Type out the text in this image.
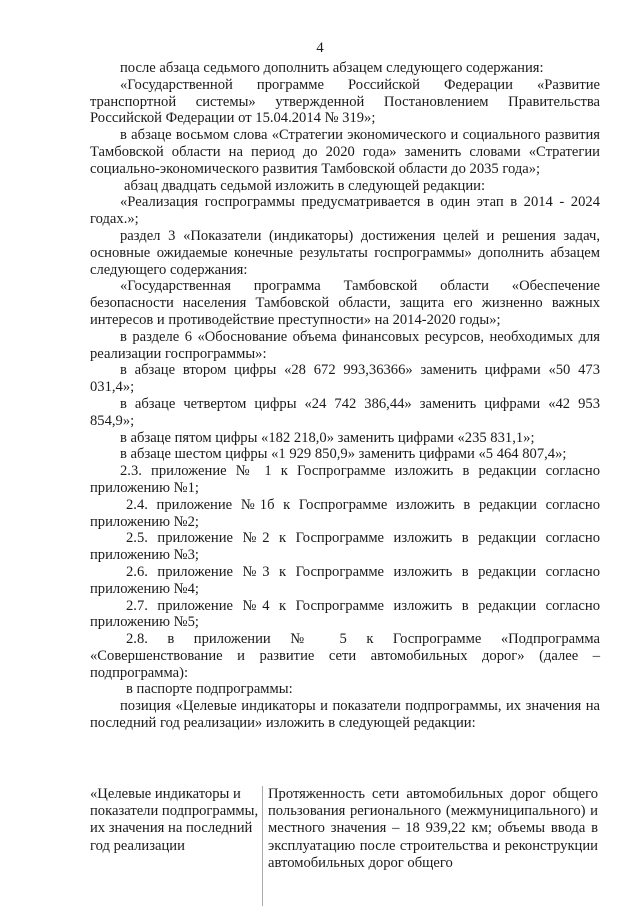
4

после абзаца седьмого дополнить абзацем следующего содержания:

«Государственной программе Российской Федерации «Развитие транспортной системы» утвержденной Постановлением Правительства Российской Федерации от 15.04.2014 № 319»;

в абзаце восьмом слова «Стратегии экономического и социального развития Тамбовской области на период до 2020 года» заменить словами «Стратегии социально-экономического развития Тамбовской области до 2035 года»;

абзац двадцать седьмой изложить в следующей редакции:

«Реализация госпрограммы предусматривается в один этап в 2014 - 2024 годах.»;

раздел 3 «Показатели (индикаторы) достижения целей и решения задач, основные ожидаемые конечные результаты госпрограммы» дополнить абзацем следующего содержания:

«Государственная программа Тамбовской области «Обеспечение безопасности населения Тамбовской области, защита его жизненно важных интересов и противодействие преступности» на 2014-2020 годы»;

в разделе 6 «Обоснование объема финансовых ресурсов, необходимых для реализации госпрограммы»:

в абзаце втором цифры «28 672 993,36366» заменить цифрами «50 473 031,4»;

в абзаце четвертом цифры «24 742 386,44» заменить цифрами «42 953 854,9»;

в абзаце пятом цифры «182 218,0» заменить цифрами «235 831,1»;

в абзаце шестом цифры «1 929 850,9» заменить цифрами «5 464 807,4»;

2.3. приложение № 1 к Госпрограмме изложить в редакции согласно приложению №1;

2.4. приложение №1б к Госпрограмме изложить в редакции согласно приложению №2;

2.5. приложение №2 к Госпрограмме изложить в редакции согласно приложению №3;

2.6. приложение №3 к Госпрограмме изложить в редакции согласно приложению №4;

2.7. приложение №4 к Госпрограмме изложить в редакции согласно приложению №5;

2.8. в приложении № 5 к Госпрограмме «Подпрограмма «Совершенствование и развитие сети автомобильных дорог» (далее – подпрограмма):

в паспорте подпрограммы:

позиция «Целевые индикаторы и показатели подпрограммы, их значения на последний год реализации» изложить в следующей редакции:

«Целевые индикаторы и показатели подпрограммы, их значения на последний год реализации
Протяженность сети автомобильных дорог общего пользования регионального (межмуниципального) и местного значения – 18 939,22 км; объемы ввода в эксплуатацию после строительства и реконструкции автомобильных дорог общего
